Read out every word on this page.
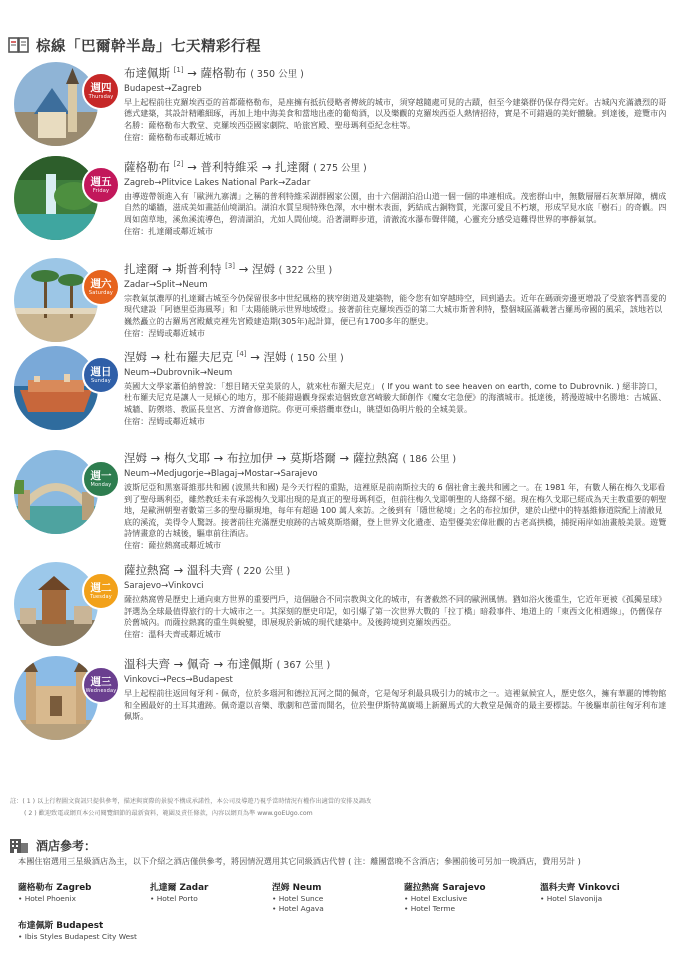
棕線「巴爾幹半島」七天精彩行程
週四
Thursday
布達佩斯 [1] → 薩格勒布 ( 350 公里 )
Budapest→Zagreb
早上起程前往克羅埃西亞的首都薩格勒布，是座擁有抵抗侵略者傳統的城市，須穿越隨處可見的古蹟，但至今建築群仍保存得完好。古城內充滿濃烈的哥德式建築，其設計精雕細琢，再加上地中海美食和當地出產的葡萄酒，以及樂觀的克羅埃西亞人熱情招待，實是不可錯過的美好體驗。到達後，遊覽市內名勝：薩格勒布大教堂、克羅埃西亞國家劇院、哈旅宮殿、聖母瑪利亞紀念柱等。
住宿：薩格勒布或鄰近城市
週五
Friday
薩格勒布 [2] → 普利特維采 → 扎達爾 ( 275 公里 )
Zagreb→Plitvice Lakes National Park→Zadar
由導遊帶領進入有「歐洲九寨溝」之稱的普利特維采湖群國家公園，由十六個湖泊沿山道一個一個的串連相成。茂密群山中，無數層層石灰華屏障，構成自然的壩牆，滋成美如畫話仙境湖泊。湖泊水質呈現特殊色澤，水中樹木表面，鈣結成古銅物質，光潔可愛且不朽壞，形成罕見水底「樹石」的奇觀。四周如茵草地，溪魚溪流導色，碧清湖泊，尤如人間仙境。沿著湖畔步道，清澈流水瀑布聲伴隨，心靈充分感受這難得世界的寧靜氣氛。
住宿：扎達爾或鄰近城市
週六
Saturday
扎達爾 → 斯普利特 [3] → 涅姆 ( 322 公里 )
Zadar→Split→Neum
宗教氣氛濃厚的扎達爾古城至今仍保留很多中世紀風格的狹窄街道及建築物，能令您有如穿越時空，回到過去。近年在碼頭旁邊更增設了受旅客們喜愛的現代建設「阿德里亞海風琴」和「太陽能眺示世界地域燈」。接著前往克羅埃西亞的第二大城市斯普利特，整個城區滿載著古羅馬帝國的風采，該地若以巍然矗立的古羅馬宮殿戴克裡先宮殿建造期(305年)起計算，便已有1700多年的歷史。
住宿：涅姆或鄰近城市
週日
Sunday
涅姆 → 杜布羅夫尼克 [4] → 涅姆 ( 150 公里 )
Neum→Dubrovnik→Neum
英國大文學家蕭伯納曾說：「想目睹天堂美景的人，就來杜布羅夫尼克」 ( If you want to see heaven on earth, come to Dubrovnik. ) 絕非誇口，杜布羅夫尼克是讓人一見傾心的地方，那不能錯過觀身探索這個致意宮崎駿大師創作《魔女宅急便》的海濱城市。抵達後，將漫遊城中名勝地：古城區、城牆、防禦塔、教區長皇宮、方濟會修道院。你更可乘搭纜車登山，眺望如偽明片般的全城美景。
住宿：涅姆或鄰近城市
週一
Monday
涅姆 → 梅久戈耶 → 布拉加伊 → 莫斯塔爾 → 薩拉熱窩 ( 186 公里 )
Neum→Medjugorje→Blagaj→Mostar→Sarajevo
波斯尼亞和黑塞哥維那共和國 (波黑共和國) 是今天行程的重點，這裡原是前南斯拉夫的 6 個社會主義共和國之一。在 1981 年，有數人稱在梅久戈耶看到了聖母瑪利亞，雖然教廷未有承認梅久戈耶出現的是真正的聖母瑪利亞，但前往梅久戈耶朝聖的人絡繹不絕。現在梅久戈耶已經成為天主教重要的朝聖地，是歐洲朝聖者數第三多的聖母顯現地，每年有超過 100 萬人來訪。之後到有「隱世秘境」之名的布拉加伊，建於山壁中的特基維修道院配上清澈見底的溪流，美得令人驚訝。接著前往充滿歷史痕跡的古城莫斯塔爾，登上世界文化遺產、造型優美宏偉壯觀的古老高拱橋，捕捉兩岸如油畫般美景。遊覽詩情畫意的古城後，驅車前往酒店。
住宿：薩拉熱窩或鄰近城市
週二
Tuesday
薩拉熱窩 → 溫科夫齊 ( 220 公里 )
Sarajevo→Vinkovci
薩拉熱窩曾是歷史上通向東方世界的重要門戶，這個融合不同宗教與文化的城市，有著截然不同的歐洲風情。猶如浴火後重生，它近年更被《孤獨星球》評選為全球最值得旅行的十大城市之一。其深刻的歷史印記，如引爆了第一次世界大戰的「拉丁橋」暗殺事件、地道上的「東西文化相遇線」，仍舊保存於舊城內。而薩拉熱窩的重生與蛻變，即展現於新城的現代建築中。及後跨境到克羅埃西亞。
住宿：溫科夫齊或鄰近城市
週三
Wednesday
溫科夫齊 → 佩奇 → 布達佩斯 ( 367 公里 )
Vinkovci→Pecs→Budapest
早上起程前往返回匈牙利 - 佩奇，位於多瑙河和德拉瓦河之間的佩奇，它是匈牙利最具吸引力的城市之一。這裡氣候宜人，歷史悠久，擁有華麗的博物館和全國最好的土耳其遺跡。佩奇還以音樂、歌劇和芭蕾而聞名，位於聖伊斯特萬廣場上新羅馬式的大教堂是佩奇的最主要標誌。午後驅車前往匈牙利布達佩斯。
註：( 1 ) 以上行程圖文資訊只提供參考，描述與實際的景貌不構成承諾性，本公司及導遊乃視乎當時情況有權作出適當的安排及調改
( 2 ) 歡迎致電或網頁本公司閱覽細節的最新資料，範圍及責任條款，內容以網頁為準 www.goEUgo.com
酒店參考：
本團住宿選用三星級酒店為主，以下介紹之酒店僅供參考，將因情況選用其它同級酒店代替 ( 注：離團當晚不含酒店；參團前後可另加一晚酒店，費用另計 )
薩格勒布 Zagreb
• Hotel Phoenix
扎達爾 Zadar
• Hotel Porto
涅姆 Neum
• Hotel Sunce
• Hotel Agava
薩拉熱窩 Sarajevo
• Hotel Exclusive
• Hotel Terme
溫科夫齊 Vinkovci
• Hotel Slavonija
布達佩斯 Budapest
• Ibis Styles Budapest City West
